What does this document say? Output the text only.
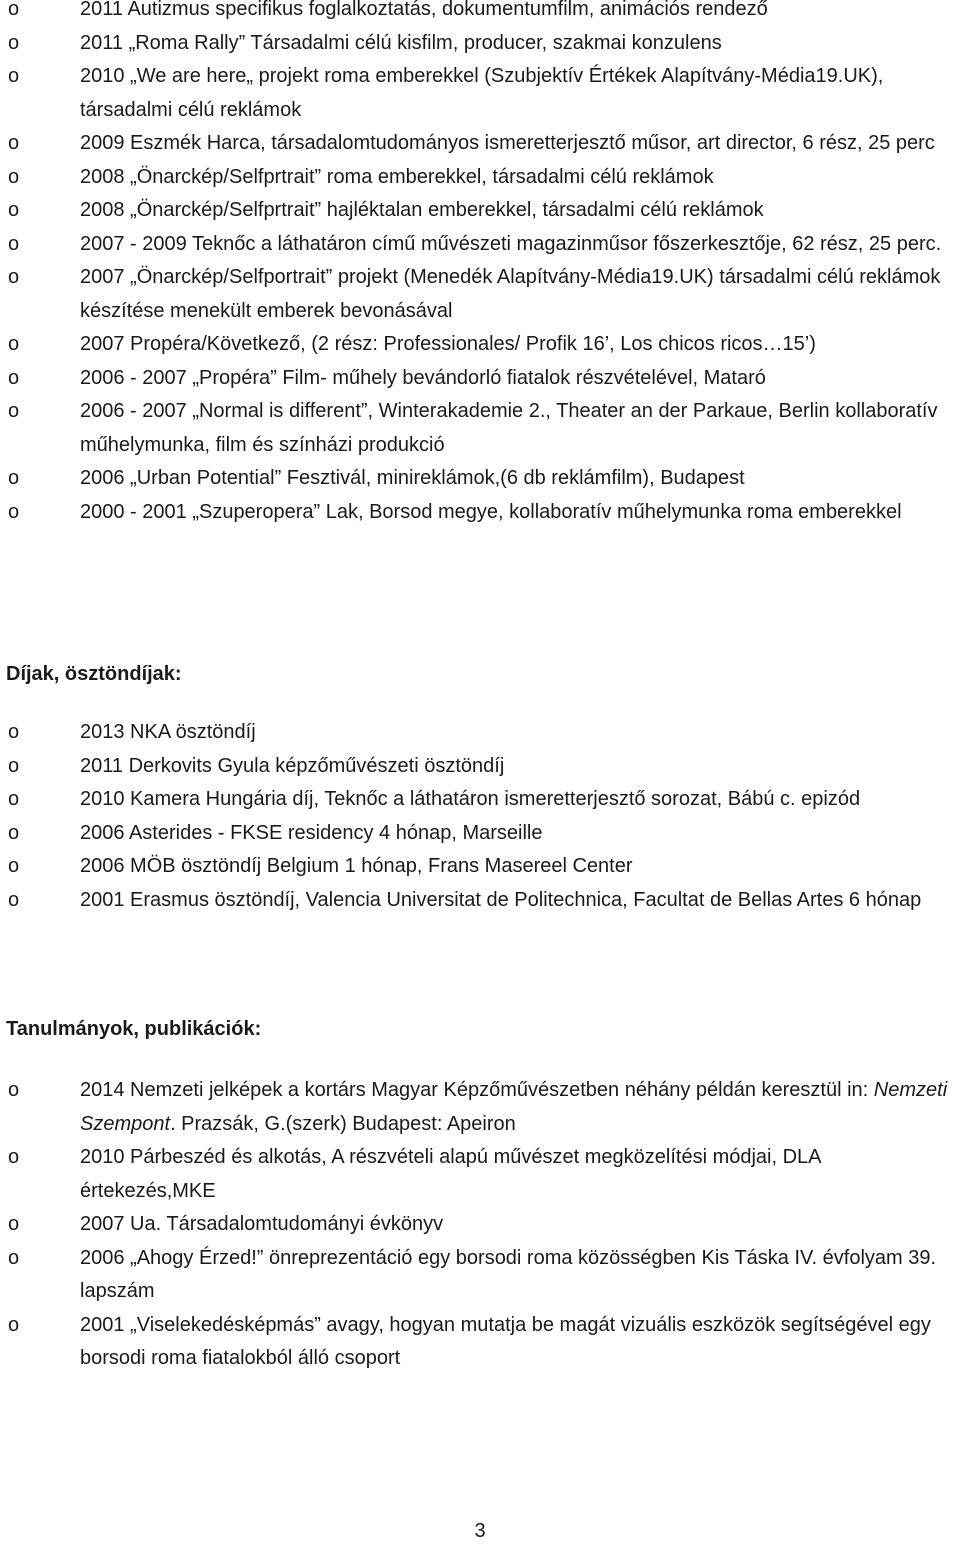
o	2011 Autizmus specifikus foglalkoztatás, dokumentumfilm, animációs rendező
o	2011 „Roma Rally” Társadalmi célú kisfilm, producer, szakmai konzulens
o	2010 „We are here„ projekt roma emberekkel (Szubjektív Értékek Alapítvány-Média19.UK), társadalmi célú reklámok
o	2009 Eszmék Harca, társadalomtudományos ismeretterjesztő műsor, art director, 6 rész, 25 perc
o	2008 „Önarckép/Selfprtrait” roma emberekkel, társadalmi célú reklámok
o	2008 „Önarckép/Selfprtrait” hajléktalan emberekkel, társadalmi célú reklámok
o	2007 - 2009 Teknőc a láthatáron című művészeti magazinműsor főszerkesztője, 62 rész, 25 perc.
o	2007 „Önarckép/Selfportrait” projekt (Menedék Alapítvány-Média19.UK) társadalmi célú reklámok készítése menekült emberek bevonásával
o	2007 Propéra/Következő, (2 rész: Professionales/ Profik 16’, Los chicos ricos…15’)
o	2006 - 2007 „Propéra” Film- műhely bevándorló fiatalok részvételével, Mataró
o	2006 - 2007 „Normal is different”, Winterakademie 2., Theater an der Parkaue, Berlin kollaboratív műhelymunka, film és színházi produkció
o	2006 „Urban Potential” Fesztivál, minireklámok,(6 db reklámfilm), Budapest
o	2000 - 2001 „Szuperopera” Lak, Borsod megye, kollaboratív műhelymunka roma emberekkel
Díjak, ösztöndíjak:
o	2013 NKA ösztöndíj
o	2011 Derkovits Gyula képzőművészeti ösztöndíj
o	2010 Kamera Hungária díj, Teknőc a láthatáron ismeretterjesztő sorozat, Bábú c. epizód
o	2006 Asterides - FKSE residency 4 hónap, Marseille
o	2006 MÖB ösztöndíj Belgium 1 hónap, Frans Masereel Center
o	2001 Erasmus ösztöndíj, Valencia Universitat de Politechnica, Facultat de Bellas Artes 6 hónap
Tanulmányok, publikációk:
o	2014 Nemzeti jelképek a kortárs Magyar Képzőművészetben néhány példán keresztül in: Nemzeti Szempont. Prazsák, G.(szerk) Budapest: Apeiron
o	2010 Párbeszéd és alkotás, A részvételi alapú művészet megközelítési módjai, DLA értekezés,MKE
o	2007 Ua. Társadalomtudományi évkönyv
o	2006 „Ahogy Érzed!” önreprezentáció egy borsodi roma közösségben Kis Táska IV. évfolyam 39. lapszám
o	2001 „Viselekedésképmás” avagy, hogyan mutatja be magát vizuális eszközök segítségével egy borsodi roma fiatalokból álló csoport
3
